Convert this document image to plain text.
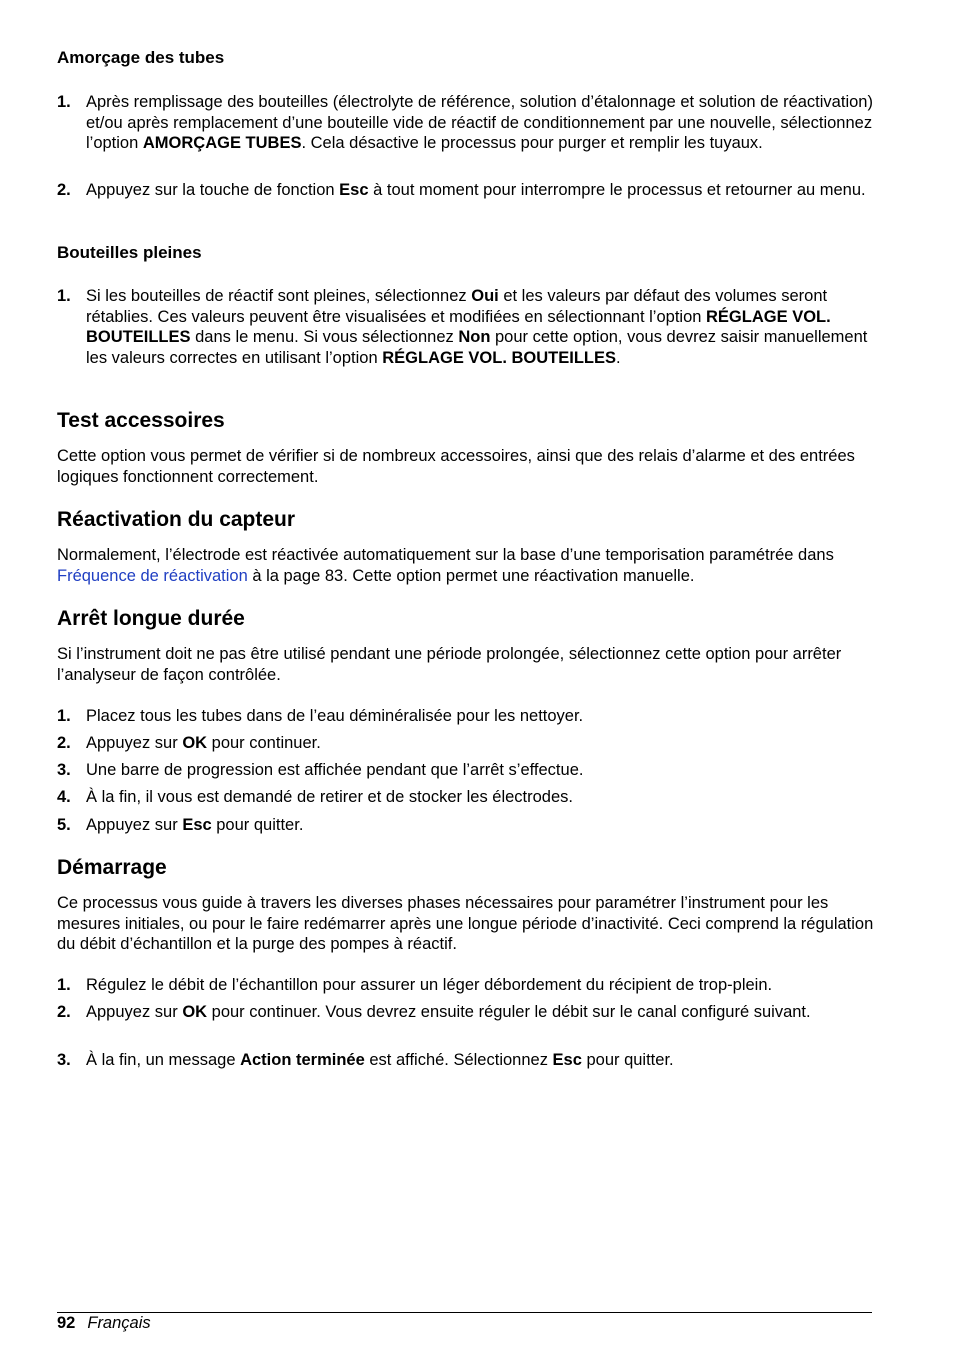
Amorçage des tubes
1. Après remplissage des bouteilles (électrolyte de référence, solution d’étalonnage et solution de réactivation) et/ou après remplacement d’une bouteille vide de réactif de conditionnement par une nouvelle, sélectionnez l’option AMORÇAGE TUBES. Cela désactive le processus pour purger et remplir les tuyaux.
2. Appuyez sur la touche de fonction Esc à tout moment pour interrompre le processus et retourner au menu.
Bouteilles pleines
1. Si les bouteilles de réactif sont pleines, sélectionnez Oui et les valeurs par défaut des volumes seront rétablies. Ces valeurs peuvent être visualisées et modifiées en sélectionnant l’option RÉGLAGE VOL. BOUTEILLES dans le menu. Si vous sélectionnez Non pour cette option, vous devrez saisir manuellement les valeurs correctes en utilisant l’option RÉGLAGE VOL. BOUTEILLES.
Test accessoires
Cette option vous permet de vérifier si de nombreux accessoires, ainsi que des relais d’alarme et des entrées logiques fonctionnent correctement.
Réactivation du capteur
Normalement, l’électrode est réactivée automatiquement sur la base d’une temporisation paramétrée dans Fréquence de réactivation à la page 83. Cette option permet une réactivation manuelle.
Arrêt longue durée
Si l’instrument doit ne pas être utilisé pendant une période prolongée, sélectionnez cette option pour arrêter l’analyseur de façon contrôlée.
1. Placez tous les tubes dans de l’eau déminéralisée pour les nettoyer.
2. Appuyez sur OK pour continuer.
3. Une barre de progression est affichée pendant que l’arrêt s’effectue.
4. À la fin, il vous est demandé de retirer et de stocker les électrodes.
5. Appuyez sur Esc pour quitter.
Démarrage
Ce processus vous guide à travers les diverses phases nécessaires pour paramétrer l’instrument pour les mesures initiales, ou pour le faire redémarrer après une longue période d’inactivité. Ceci comprend la régulation du débit d’échantillon et la purge des pompes à réactif.
1. Régulez le débit de l’échantillon pour assurer un léger débordement du récipient de trop-plein.
2. Appuyez sur OK pour continuer. Vous devrez ensuite réguler le débit sur le canal configuré suivant.
3. À la fin, un message Action terminée est affiché. Sélectionnez Esc pour quitter.
92 Français
